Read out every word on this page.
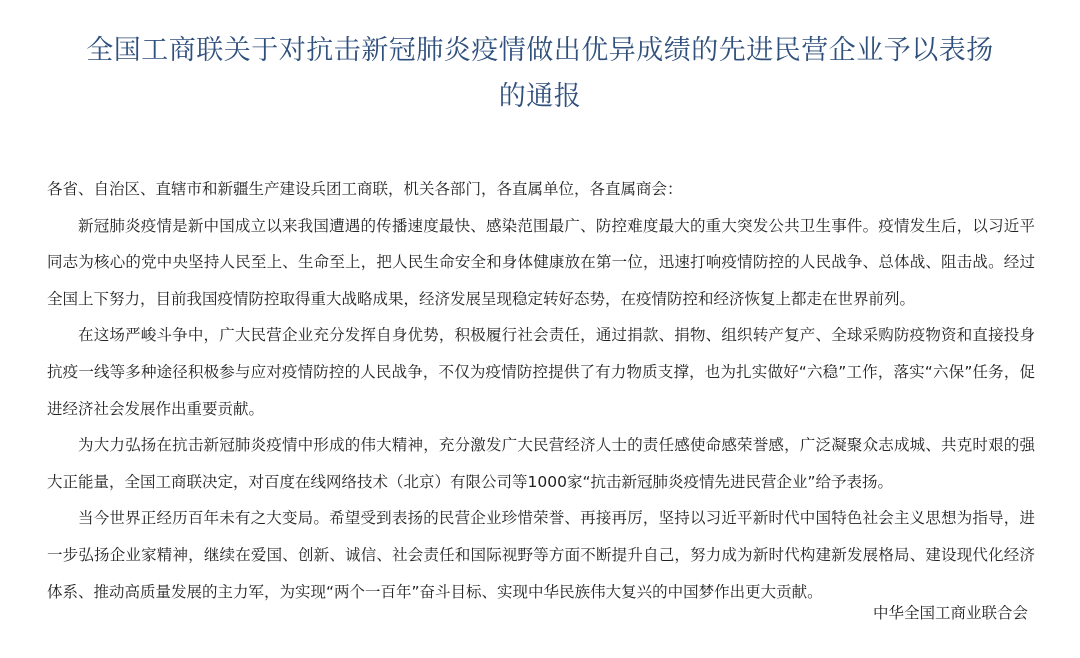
全国工商联关于对抗击新冠肺炎疫情做出优异成绩的先进民营企业予以表扬
的通报

各省、自治区、直辖市和新疆生产建设兵团工商联，机关各部门，各直属单位，各直属商会：

新冠肺炎疫情是新中国成立以来我国遭遇的传播速度最快、感染范围最广、防控难度最大的重大突发公共卫生事件。疫情发生后，以习近平同志为核心的党中央坚持人民至上、生命至上，把人民生命安全和身体健康放在第一位，迅速打响疫情防控的人民战争、总体战、阻击战。经过全国上下努力，目前我国疫情防控取得重大战略成果，经济发展呈现稳定转好态势，在疫情防控和经济恢复上都走在世界前列。

在这场严峻斗争中，广大民营企业充分发挥自身优势，积极履行社会责任，通过捐款、捐物、组织转产复产、全球采购防疫物资和直接投身抗疫一线等多种途径积极参与应对疫情防控的人民战争，不仅为疫情防控提供了有力物质支撑，也为扎实做好“六稳”工作，落实“六保”任务，促进经济社会发展作出重要贡献。

为大力弘扬在抗击新冠肺炎疫情中形成的伟大精神，充分激发广大民营经济人士的责任感使命感荣誉感，广泛凝聚众志成城、共克时艰的强大正能量，全国工商联决定，对百度在线网络技术（北京）有限公司等1000家“抗击新冠肺炎疫情先进民营企业”给予表扬。

当今世界正经历百年未有之大变局。希望受到表扬的民营企业珍惜荣誉、再接再厉，坚持以习近平新时代中国特色社会主义思想为指导，进一步弘扬企业家精神，继续在爱国、创新、诚信、社会责任和国际视野等方面不断提升自己，努力成为新时代构建新发展格局、建设现代化经济体系、推动高质量发展的主力军，为实现“两个一百年”奋斗目标、实现中华民族伟大复兴的中国梦作出更大贡献。

中华全国工商业联合会
